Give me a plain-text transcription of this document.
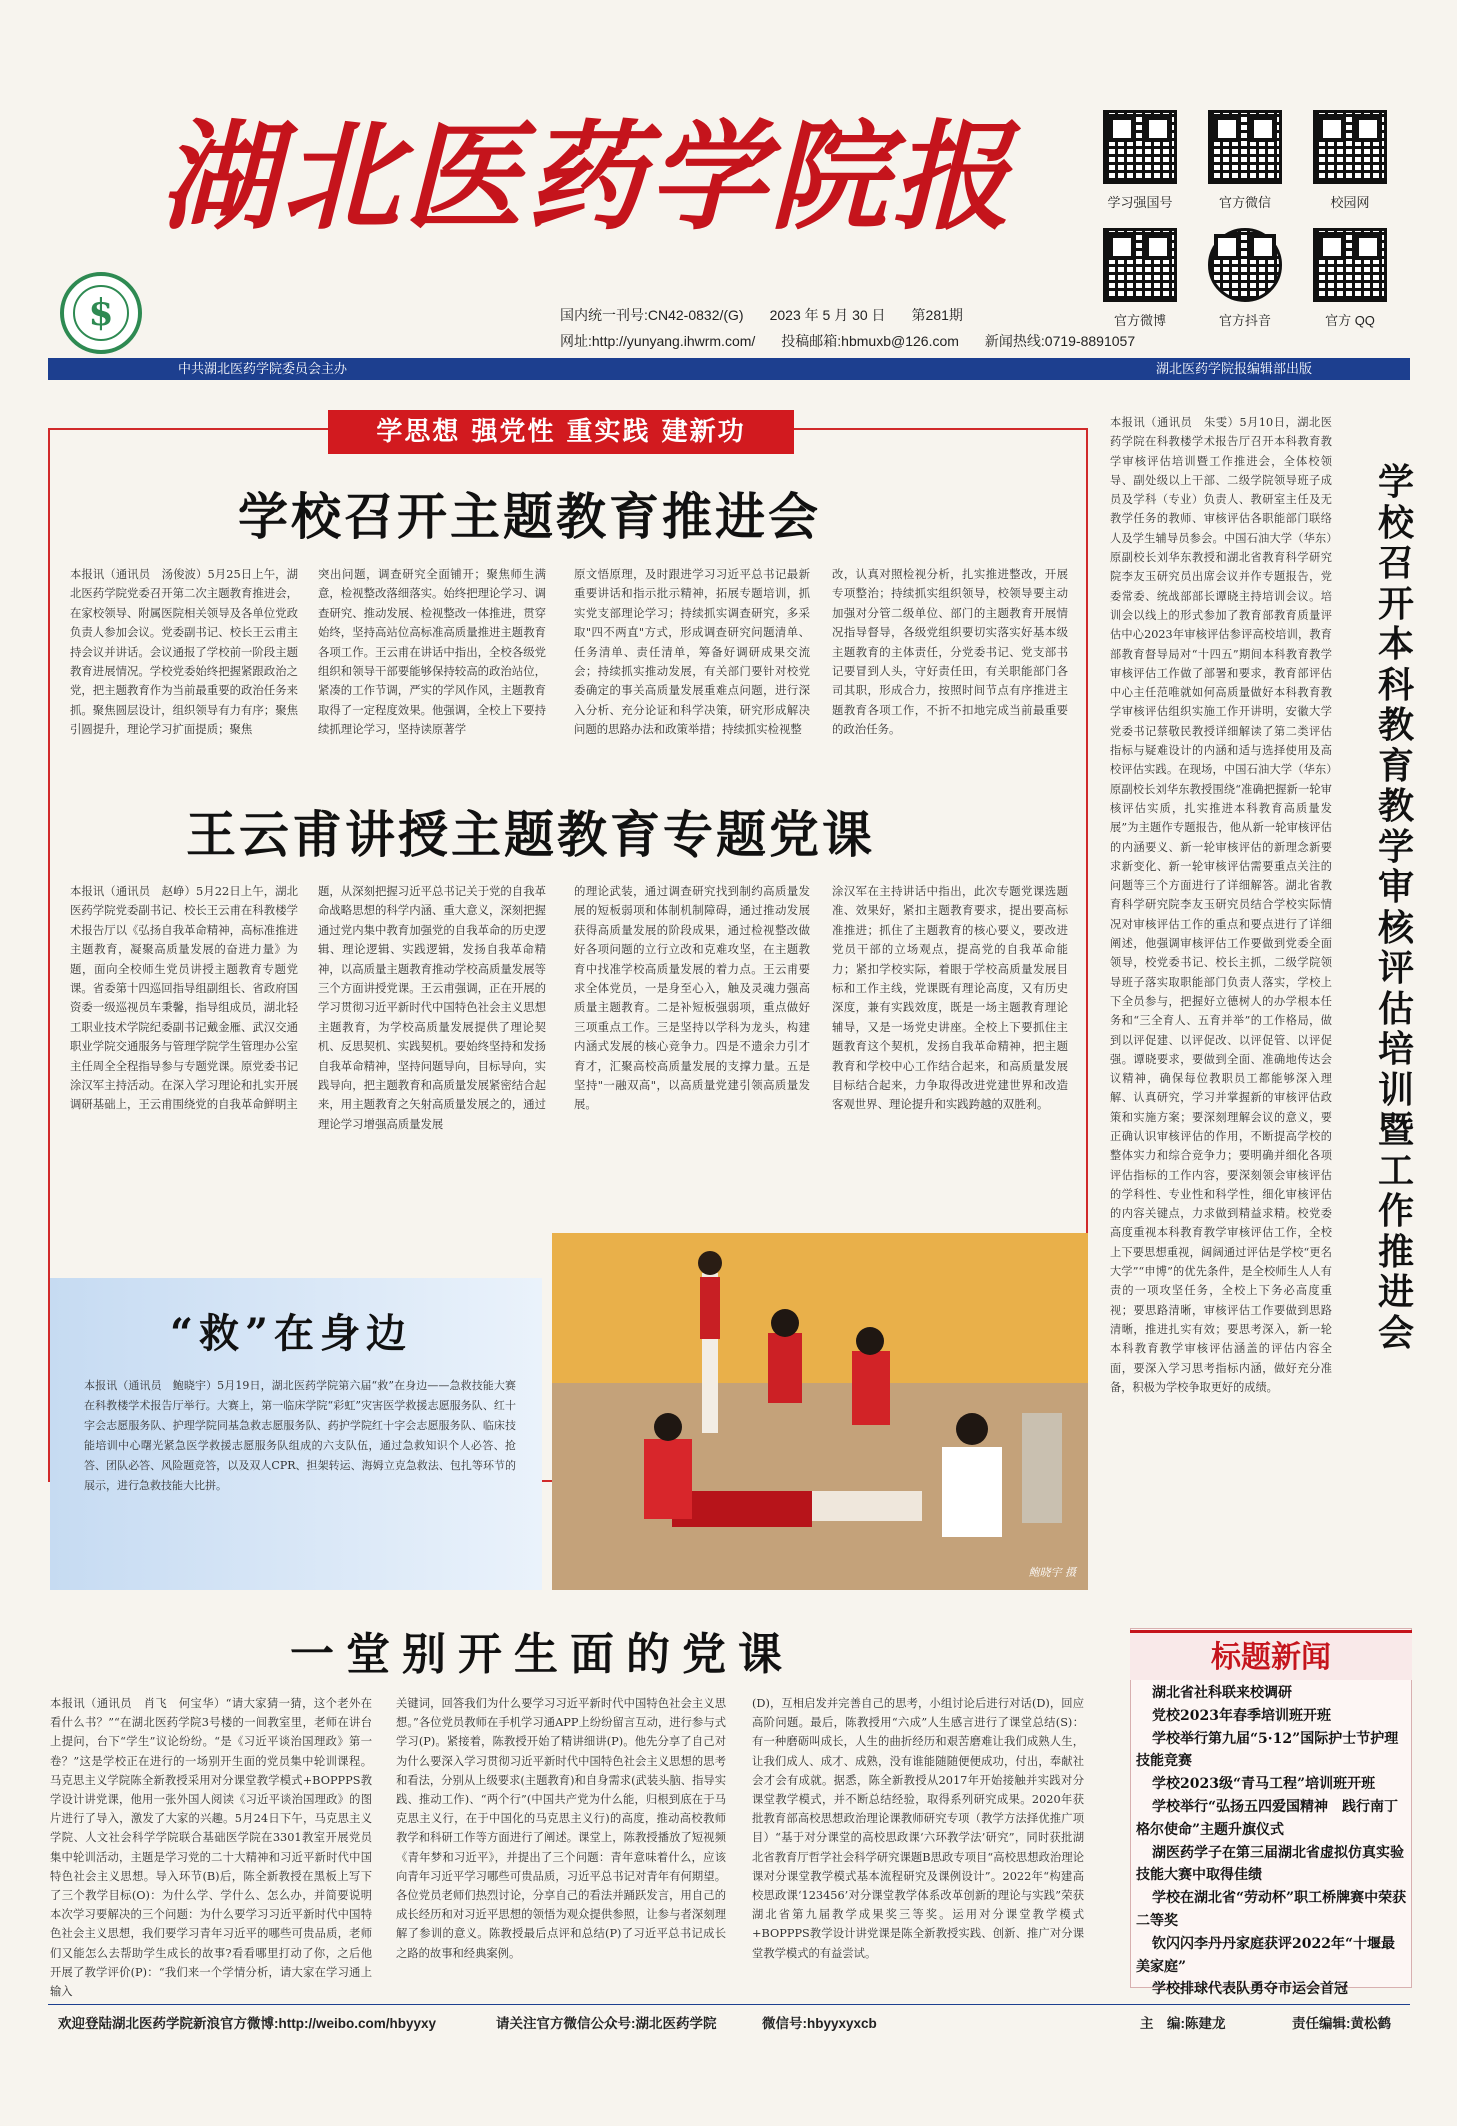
湖北医药学院报
$
学习强国号	官方微信	校园网
官方微博	官方抖音	官方 QQ
国内统一刊号:CN42-0832/(G) 2023 年 5 月 30 日 第281期
网址:http://yunyang.ihwrm.com/ 投稿邮箱:hbmuxb@126.com 新闻热线:0719-8891057
中共湖北医药学院委员会主办	湖北医药学院报编辑部出版
学思想 强党性 重实践 建新功
学校召开主题教育推进会

本报讯（通讯员　汤俊波）5月25日上午，湖北医药学院党委召开第二次主题教育推进会，在家校领导、附属医院相关领导及各单位党政负责人参加会议。党委副书记、校长王云甫主持会议并讲话。会议通报了学校前一阶段主题教育进展情况。学校党委始终把握紧跟政治之党，把主题教育作为当前最重要的政治任务来抓。聚焦圆层设计，组织领导有力有序；聚焦引圆提升，理论学习扩面提质；聚焦

突出问题，调查研究全面铺开；聚焦师生满意，检视整改落细落实。始终把理论学习、调查研究、推动发展、检视整改一体推进，贯穿始终，坚持高站位高标准高质量推进主题教育各项工作。王云甫在讲话中指出，全校各级党组织和领导干部要能够保持较高的政治站位，紧凑的工作节调，严实的学风作风，主题教育取得了一定程度效果。他强调，全校上下要持续抓理论学习，坚持读原著学

原文悟原理，及时跟进学习习近平总书记最新重要讲话和指示批示精神，拓展专题培训，抓实党支部理论学习；持续抓实调查研究，多采取"四不两直"方式，形成调查研究问题清单、任务清单、责任清单，筹备好调研成果交流会；持续抓实推动发展，有关部门要针对校党委确定的事关高质量发展重难点问题，进行深入分析、充分论证和科学决策，研究形成解决问题的思路办法和政策举措；持续抓实检视整

改，认真对照检视分析，扎实推进整改，开展专项整治；持续抓实组织领导，校领导要主动加强对分管二级单位、部门的主题教育开展情况指导督导，各级党组织要切实落实好基本级主题教育的主体责任，分党委书记、党支部书记要冒到人头，守好责任田，有关职能部门各司其职，形成合力，按照时间节点有序推进主题教育各项工作，不折不扣地完成当前最重要的政治任务。

王云甫讲授主题教育专题党课

本报讯（通讯员　赵峥）5月22日上午，湖北医药学院党委副书记、校长王云甫在科教楼学术报告厅以《弘扬自我革命精神，高标准推进主题教育，凝聚高质量发展的奋进力量》为题，面向全校师生党员讲授主题教育专题党课。省委第十四巡回指导组副组长、省政府国资委一级巡视员车秉馨，指导组成员，湖北轻工职业技术学院纪委副书记戴金雁、武汉交通职业学院交通服务与管理学院学生管理办公室主任周全全程指导参与专题党课。原党委书记涂汉军主持活动。在深入学习理论和扎实开展调研基础上，王云甫围绕党的自我革命鲜明主

题，从深刻把握习近平总书记关于党的自我革命战略思想的科学内涵、重大意义，深刻把握通过党内集中教育加强党的自我革命的历史逻辑、理论逻辑、实践逻辑，发扬自我革命精神，以高质量主题教育推动学校高质量发展等三个方面讲授党课。王云甫强调，正在开展的学习贯彻习近平新时代中国特色社会主义思想主题教育，为学校高质量发展提供了理论契机、反思契机、实践契机。要始终坚持和发扬自我革命精神，坚持问题导向，目标导向，实践导向，把主题教育和高质量发展紧密结合起来，用主题教育之矢射高质量发展之的，通过理论学习增强高质量发展

的理论武装，通过调查研究找到制约高质量发展的短板弱项和体制机制障碍，通过推动发展获得高质量发展的阶段成果，通过检视整改做好各项问题的立行立改和克难攻坚，在主题教育中找准学校高质量发展的着力点。王云甫要求全体党员，一是身至心入，触及灵魂力强高质量主题教育。二是补短板强弱项，重点做好三项重点工作。三是坚持以学科为龙头，构建内涵式发展的核心竞争力。四是不遗余力引才育才，汇聚高校高质量发展的支撑力量。五是坚持"一融双高"，以高质量党建引领高质量发展。

涂汉军在主持讲话中指出，此次专题党课选题准、效果好，紧扣主题教育要求，提出要高标准推进；抓住了主题教育的核心要义，要改进党员干部的立场观点，提高党的自我革命能力；紧扣学校实际，着眼于学校高质量发展目标和工作主线，党课既有理论高度，又有历史深度，兼有实践效度，既是一场主题教育理论辅导，又是一场党史讲座。全校上下要抓住主题教育这个契机，发扬自我革命精神，把主题教育和学校中心工作结合起来，和高质量发展目标结合起来，力争取得改进党建世界和改造客观世界、理论提升和实践跨越的双胜利。

“救”在身边

本报讯（通讯员　鲍晓宇）5月19日，湖北医药学院第六届“救”在身边——急救技能大赛在科教楼学术报告厅举行。大赛上，第一临床学院“彩虹”灾害医学救援志愿服务队、红十字会志愿服务队、护理学院同基急救志愿服务队、药护学院红十字会志愿服务队、临床技能培训中心曙光紧急医学救援志愿服务队组成的六支队伍，通过急救知识个人必答、抢答、团队必答、风险题竞答，以及双人CPR、担架转运、海姆立克急救法、包扎等环节的展示，进行急救技能大比拼。

鲍晓宇 摄

本报讯（通讯员　朱雯）5月10日，湖北医药学院在科教楼学术报告厅召开本科教育教学审核评估培训暨工作推进会，全体校领导、副处级以上干部、二级学院领导班子成员及学科（专业）负责人、教研室主任及无教学任务的教师、审核评估各职能部门联络人及学生辅导员参会。中国石油大学（华东）原副校长刘华东教授和湖北省教育科学研究院李友玉研究员出席会议并作专题报告，党委常委、统战部部长谭晓主持培训会议。培训会以线上的形式参加了教育部教育质量评估中心2023年审核评估参评高校培训，教育部教育督导局对“十四五”期间本科教育教学审核评估工作做了部署和要求，教育部评估中心主任范唯就如何高质量做好本科教育教学审核评估组织实施工作开讲明，安徽大学党委书记蔡敬民教授详细解读了第二类评估指标与疑难设计的内涵和适与选择使用及高校评估实践。在现场，中国石油大学（华东）原副校长刘华东教授围绕“准确把握新一轮审核评估实质，扎实推进本科教育高质量发展”为主题作专题报告，他从新一轮审核评估的内涵要义、新一轮审核评估的新理念新要求新变化、新一轮审核评估需要重点关注的问题等三个方面进行了详细解答。湖北省教育科学研究院李友玉研究员结合学校实际情况对审核评估工作的重点和要点进行了详细阐述，他强调审核评估工作要做到党委全面领导，校党委书记、校长主抓，二级学院领导班子落实取职能部门负责人落实，学校上下全员参与，把握好立德树人的办学根本任务和“三全育人、五育并举”的工作格局，做到以评促建、以评促改、以评促管、以评促强。谭晓要求，要做到全面、准确地传达会议精神，确保每位教职员工都能够深入理解、认真研究，学习并掌握新的审核评估政策和实施方案；要深刻理解会议的意义，要正确认识审核评估的作用，不断提高学校的整体实力和综合竞争力；要明确并细化各项评估指标的工作内容，要深刻领会审核评估的学科性、专业性和科学性，细化审核评估的内容关键点，力求做到精益求精。校党委高度重视本科教育教学审核评估工作，全校上下要思想重视，阔阔通过评估是学校“更名大学”“申博”的优先条件，是全校师生人人有责的一项攻坚任务，全校上下务必高度重视；要思路清晰，审核评估工作要做到思路清晰，推进扎实有效；要思考深入，新一轮本科教育教学审核评估涵盖的评估内容全面，要深入学习思考指标内涵，做好充分准备，积极为学校争取更好的成绩。

学校召开本科教育教学审核评估培训暨工作推进会
一堂别开生面的党课

本报讯（通讯员　肖飞　何宝华）“请大家猜一猜，这个老外在看什么书？”“在湖北医药学院3号楼的一间教室里，老师在讲台上提问，台下“学生”议论纷纷。“是《习近平谈治国理政》第一卷？”这是学校正在进行的一场别开生面的党员集中轮训课程。马克思主义学院陈全新教授采用对分课堂教学模式+BOPPPS教学设计讲党课，他用一张外国人阅读《习近平谈治国理政》的图片进行了导入，激发了大家的兴趣。5月24日下午，马克思主义学院、人文社会科学学院联合基础医学院在3301教室开展党员集中轮训活动，主题是学习党的二十大精神和习近平新时代中国特色社会主义思想。导入环节(B)后，陈全新教授在黑板上写下了三个教学目标(O)：为什么学、学什么、怎么办，并简要说明本次学习要解决的三个问题：为什么要学习习近平新时代中国特色社会主义思想，我们要学习青年习近平的哪些可贵品质，老师们又能怎么去帮助学生成长的故事?看看哪里打动了你，之后他开展了教学评价(P)：“我们来一个学情分析，请大家在学习通上输入

关键词，回答我们为什么要学习习近平新时代中国特色社会主义思想。”各位党员教师在手机学习通APP上纷纷留言互动，进行参与式学习(P)。紧接着，陈教授开始了精讲细讲(P)。他先分享了自己对为什么要深入学习贯彻习近平新时代中国特色社会主义思想的思考和看法，分别从上级要求(主题教育)和自身需求(武装头脑、指导实践、推动工作)、“两个行”(中国共产党为什么能，归根到底在于马克思主义行，在于中国化的马克思主义行)的高度，推动高校教师教学和科研工作等方面进行了阐述。课堂上，陈教授播放了短视频《青年梦和习近平》，并提出了三个问题：青年意味着什么，应该向青年习近平学习哪些可贵品质，习近平总书记对青年有何期望。各位党员老师们热烈讨论，分享自己的看法并踊跃发言，用自己的成长经历和对习近平思想的领悟为观众提供参照，让参与者深刻理解了参训的意义。陈教授最后点评和总结(P)了习近平总书记成长之路的故事和经典案例。

(D)，互相启发并完善自己的思考，小组讨论后进行对话(D)，回应高阶问题。最后，陈教授用“六成”人生感言进行了课堂总结(S)：有一种磨砺叫成长，人生的曲折经历和艰苦磨难让我们成熟人生，让我们成人、成才、成熟，没有谁能随随便便成功，付出，奉献社会才会有成就。据悉，陈全新教授从2017年开始接触并实践对分课堂教学模式，并不断总结经验，取得系列研究成果。2020年获批教育部高校思想政治理论课教师研究专项（教学方法择优推广项目）“基于对分课堂的高校思政课‘六环教学法’研究”，同时获批湖北省教育厅哲学社会科学研究课题B思政专项目“高校思想政治理论课对分课堂教学模式基本流程研究及课例设计”。2022年“构建高校思政课‘123456’对分课堂教学体系改革创新的理论与实践”荣获湖北省第九届教学成果奖三等奖。运用对分课堂教学模式+BOPPPS教学设计讲党课是陈全新教授实践、创新、推广对分课堂教学模式的有益尝试。

标题新闻
湖北省社科联来校调研
党校2023年春季培训班开班
学校举行第九届“5·12”国际护士节护理技能竞赛
学校2023级“青马工程”培训班开班
学校举行“弘扬五四爱国精神　践行南丁格尔使命”主题升旗仪式
湖医药学子在第三届湖北省虚拟仿真实验技能大赛中取得佳绩
学校在湖北省“劳动杯”职工桥牌赛中荣获二等奖
钦闪闪李丹丹家庭获评2022年“十堰最美家庭”
学校排球代表队勇夺市运会首冠
欢迎登陆湖北医药学院新浪官方微博:http://weibo.com/hbyyxy	请关注官方微信公众号:湖北医药学院	微信号:hbyyxyxcb	主　编:陈建龙	责任编辑:黄松鹤
